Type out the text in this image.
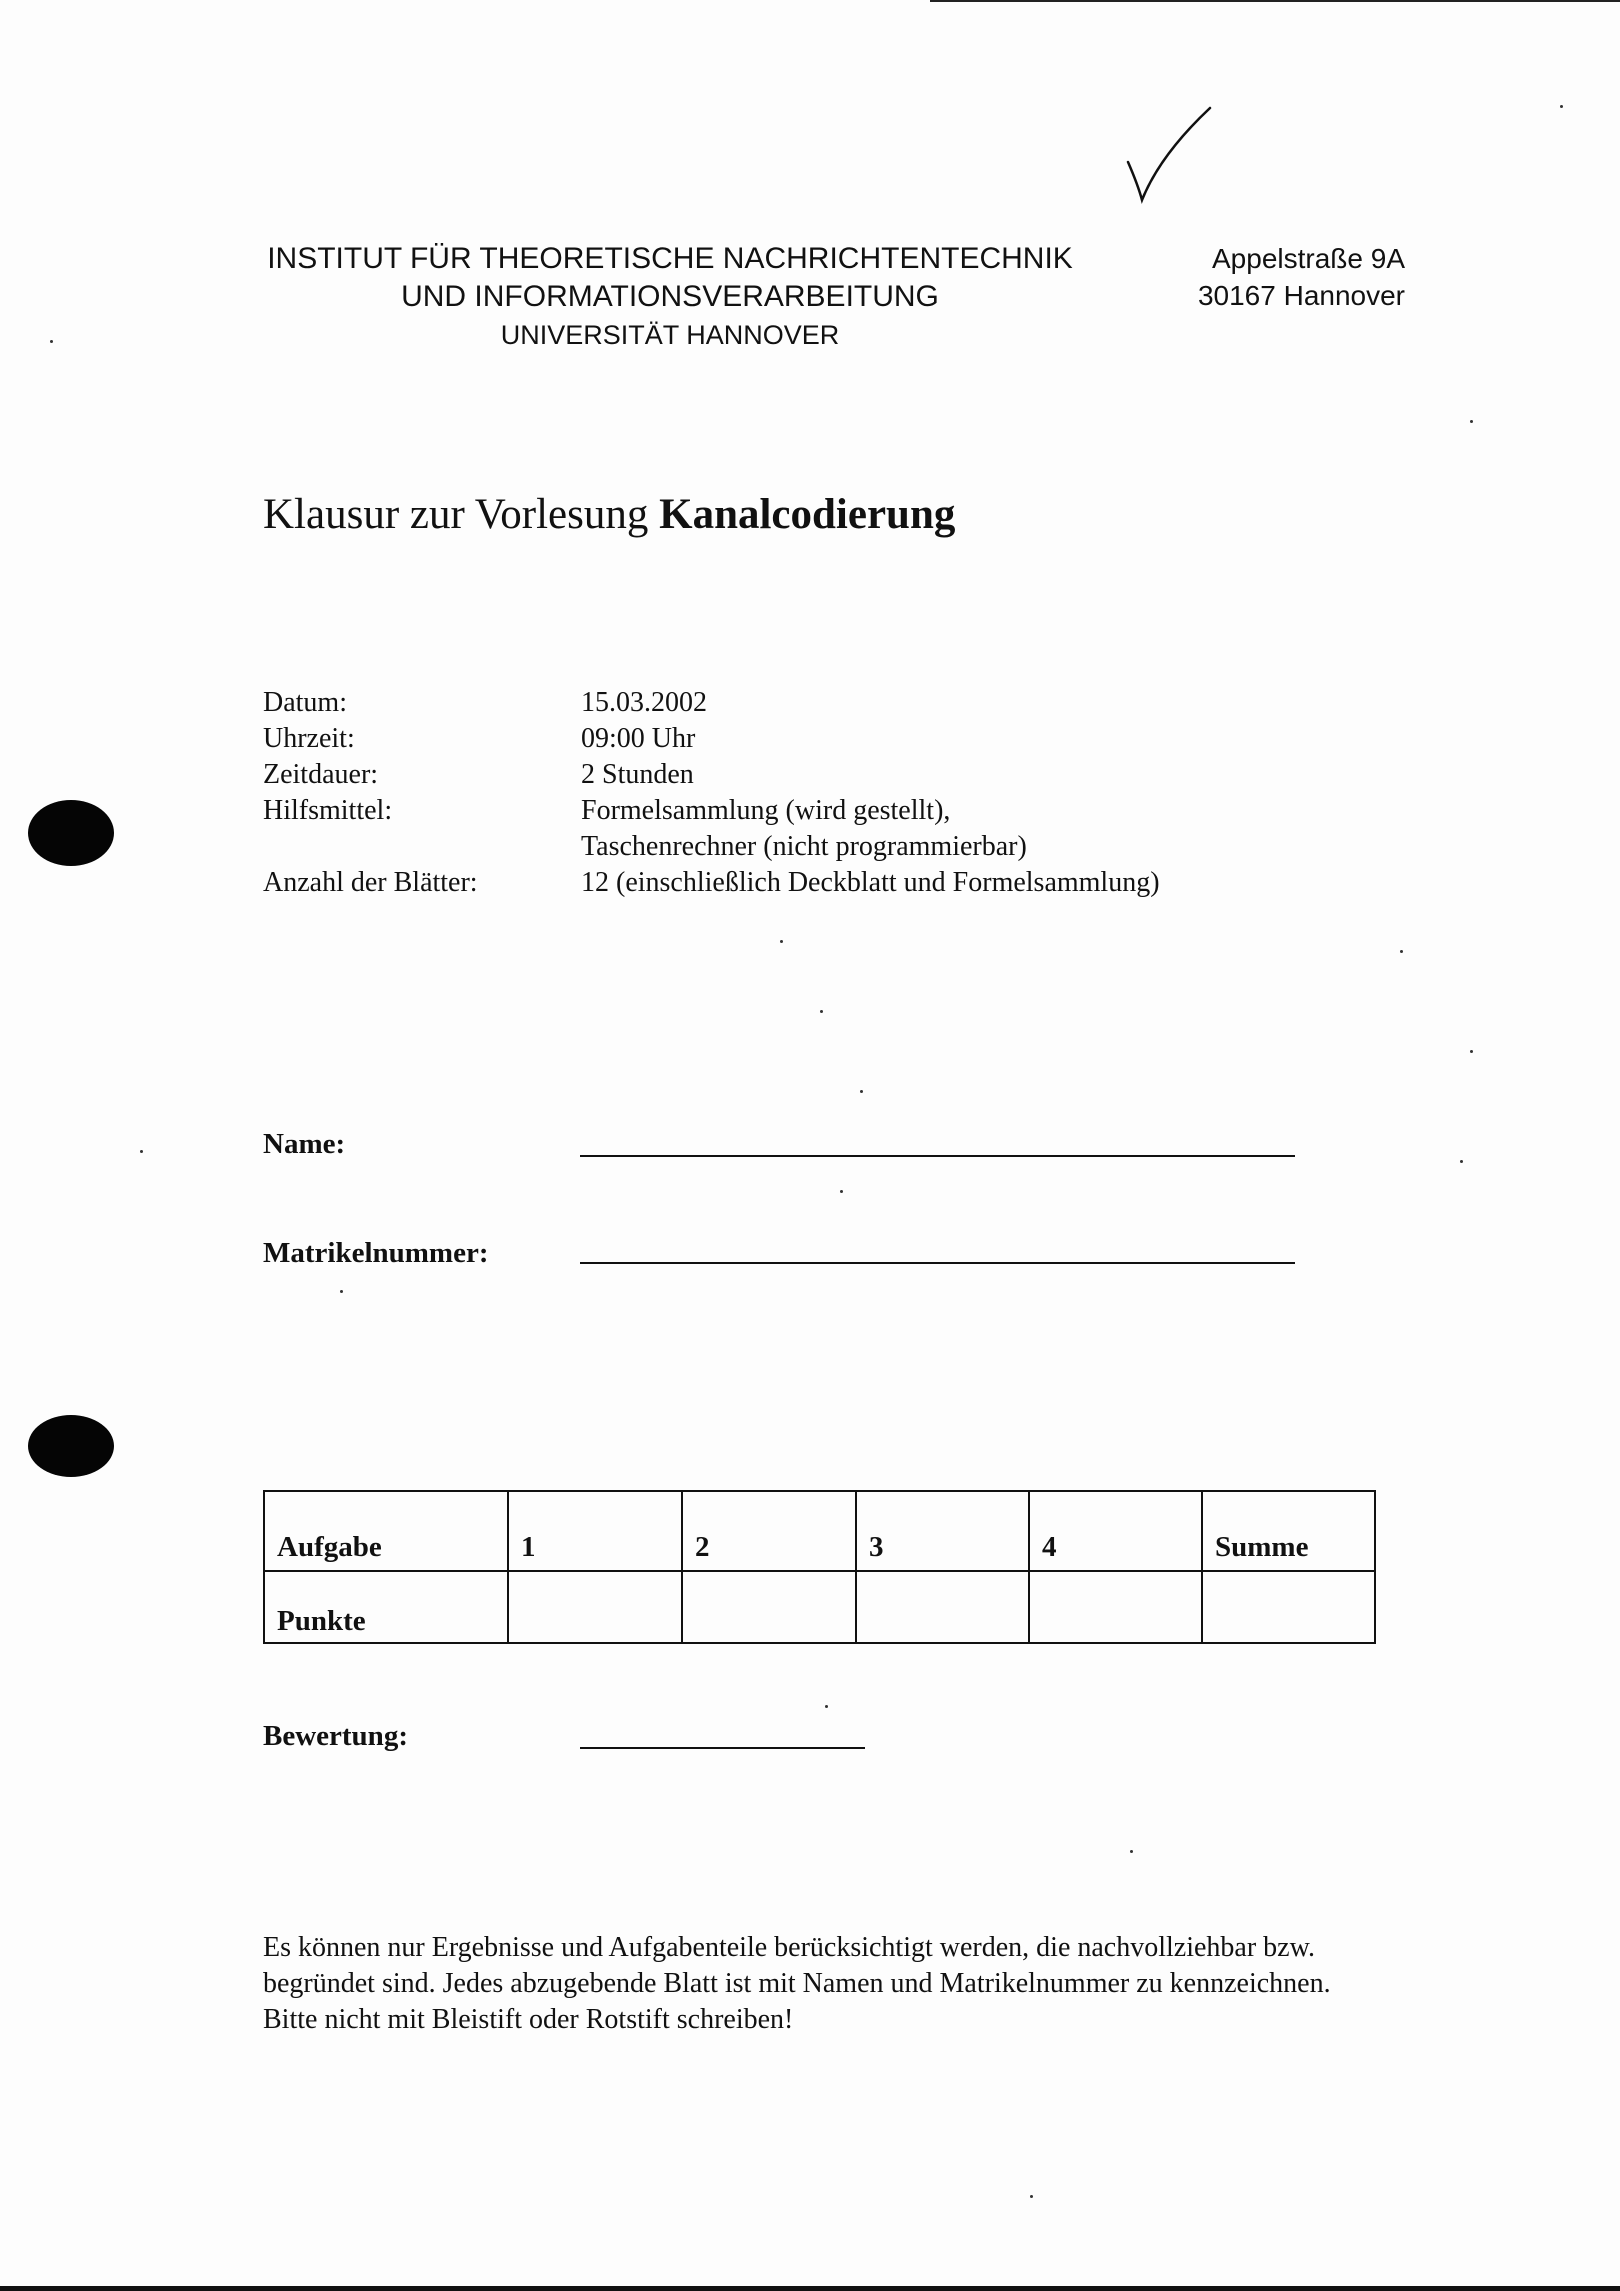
INSTITUT FÜR THEORETISCHE NACHRICHTENTECHNIK
UND INFORMATIONSVERARBEITUNG

UNIVERSITÄT HANNOVER
Appelstraße 9A
30167 Hannover
Klausur zur Vorlesung Kanalcodierung
Datum:	15.03.2002
Uhrzeit:	09:00 Uhr
Zeitdauer:	2 Stunden
Hilfsmittel:	Formelsammlung (wird gestellt),
Taschenrechner (nicht programmierbar)
Anzahl der Blätter:	12 (einschließlich Deckblatt und Formelsammlung)
Name:
Matrikelnummer:
Aufgabe	1	2	3	4	Summe
Punkte					
Bewertung:

Es können nur Ergebnisse und Aufgabenteile berücksichtigt werden, die nachvollziehbar bzw.

begründet sind. Jedes abzugebende Blatt ist mit Namen und Matrikelnummer zu kennzeichnen.

Bitte nicht mit Bleistift oder Rotstift schreiben!
